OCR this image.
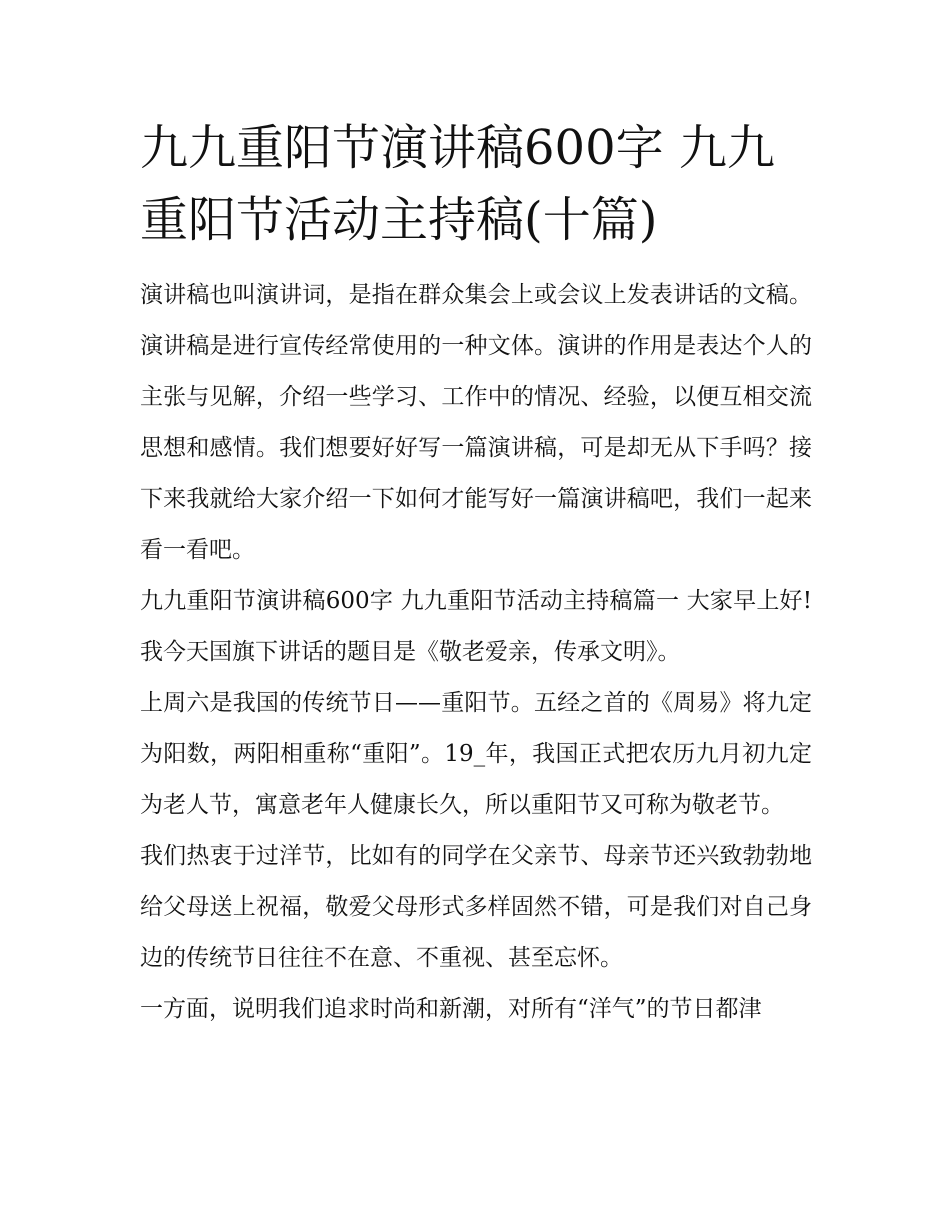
九九重阳节演讲稿600字 九九重阳节活动主持稿(十篇)

演讲稿也叫演讲词，是指在群众集会上或会议上发表讲话的文稿。演讲稿是进行宣传经常使用的一种文体。演讲的作用是表达个人的主张与见解，介绍一些学习、工作中的情况、经验，以便互相交流思想和感情。我们想要好好写一篇演讲稿，可是却无从下手吗？接下来我就给大家介绍一下如何才能写好一篇演讲稿吧，我们一起来看一看吧。

九九重阳节演讲稿600字 九九重阳节活动主持稿篇一 大家早上好!我今天国旗下讲话的题目是《敬老爱亲，传承文明》。

上周六是我国的传统节日——重阳节。五经之首的《周易》将九定为阳数，两阳相重称“重阳”。19_年，我国正式把农历九月初九定为老人节，寓意老年人健康长久，所以重阳节又可称为敬老节。

我们热衷于过洋节，比如有的同学在父亲节、母亲节还兴致勃勃地给父母送上祝福，敬爱父母形式多样固然不错，可是我们对自己身边的传统节日往往不在意、不重视、甚至忘怀。

一方面，说明我们追求时尚和新潮，对所有“洋气”的节日都津
